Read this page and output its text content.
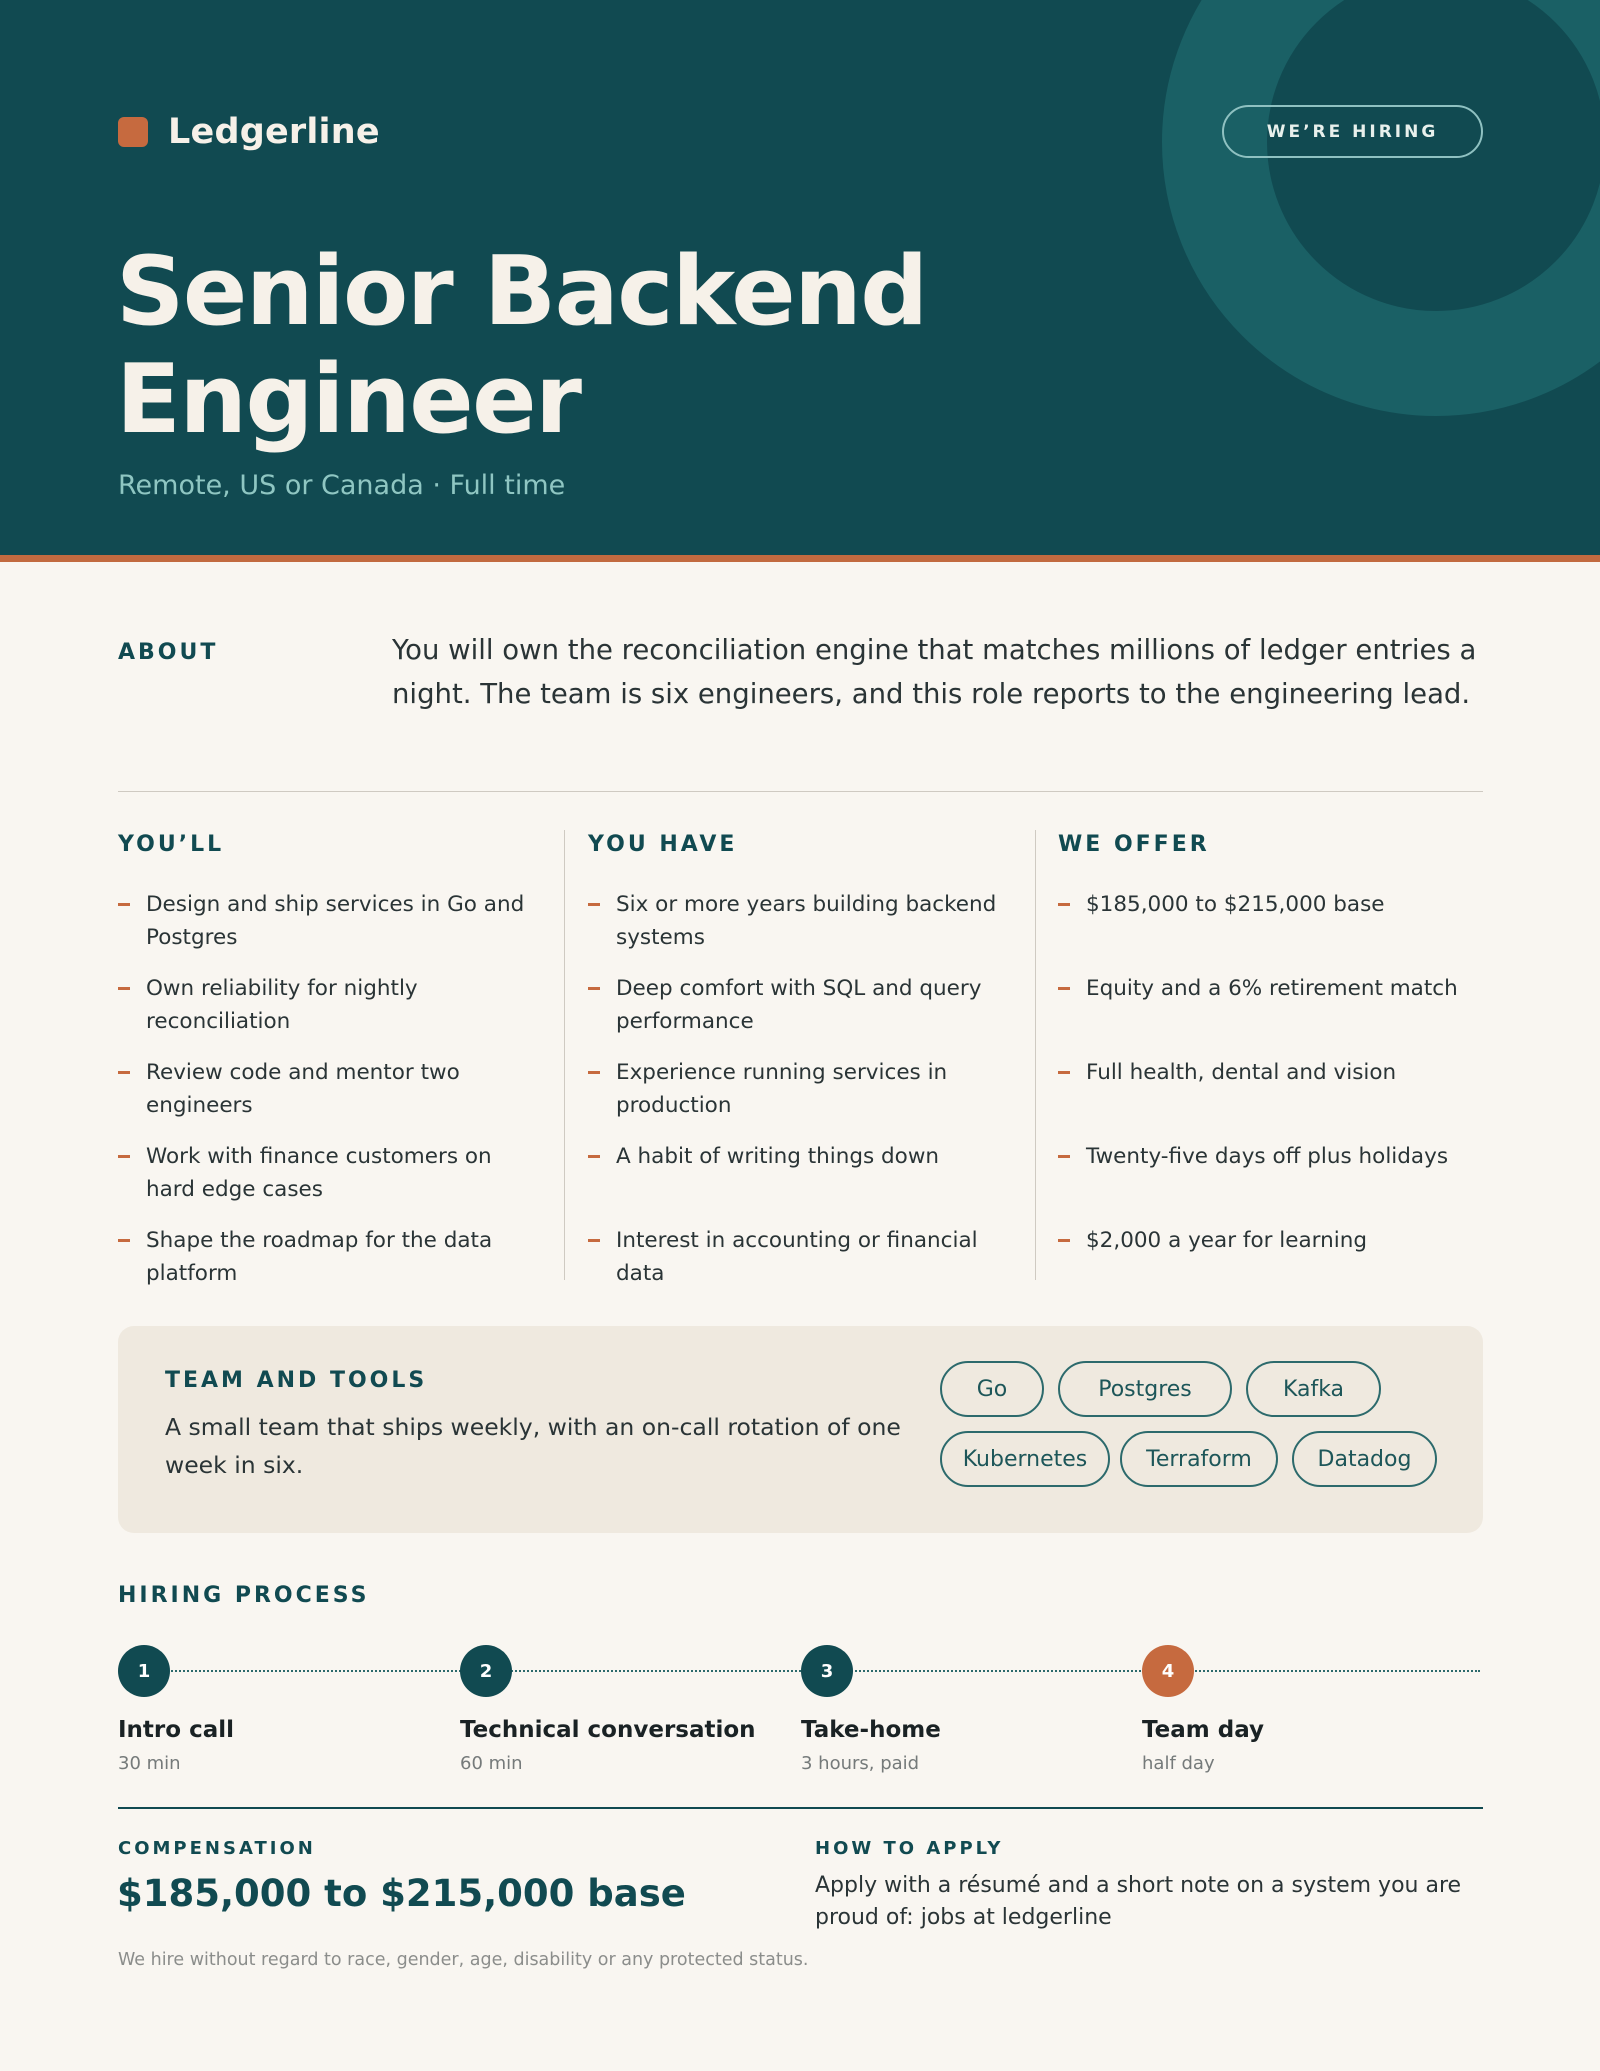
Ledgerline	WE’RE HIRING
Senior Backend
Engineer
Remote, US or Canada · Full time
ABOUT	You will own the reconciliation engine that matches millions of ledger entries a night. The team is six engineers, and this role reports to the engineering lead.

YOU’LL
Design and ship services in Go and Postgres
Own reliability for nightly reconciliation
Review code and mentor two engineers
Work with finance customers on hard edge cases
Shape the roadmap for the data platform
YOU HAVE
Six or more years building backend systems
Deep comfort with SQL and query performance
Experience running services in production
A habit of writing things down
Interest in accounting or financial data
WE OFFER
$185,000 to $215,000 base
Equity and a 6% retirement match
Full health, dental and vision
Twenty-five days off plus holidays
$2,000 a year for learning
TEAM AND TOOLS

A small team that ships weekly, with an on-call rotation of one week in six.

Go	Postgres	Kafka
Kubernetes	Terraform	Datadog
HIRING PROCESS
1
Intro call
30 min
2
Technical conversation
60 min
3
Take-home
3 hours, paid
4
Team day
half day
COMPENSATION
$185,000 to $215,000 base
HOW TO APPLY

Apply with a résumé and a short note on a system you are proud of: jobs at ledgerline

We hire without regard to race, gender, age, disability or any protected status.
